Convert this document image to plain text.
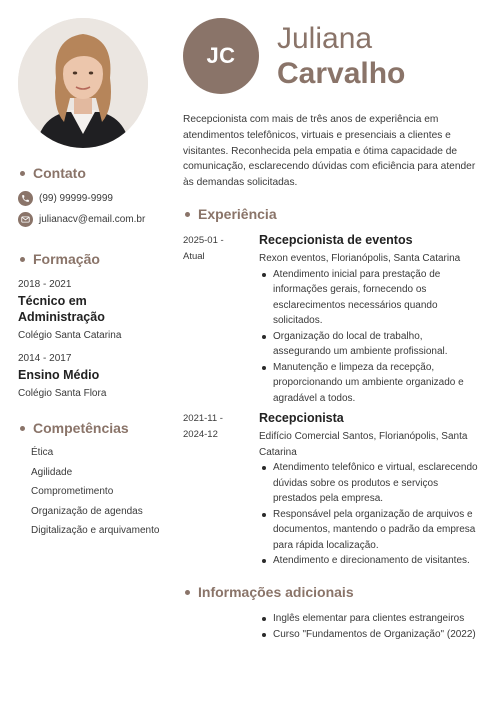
JC
Juliana
Carvalho

Recepcionista com mais de três anos de experiência em atendimentos telefônicos, virtuais e presenciais a clientes e visitantes. Reconhecida pela empatia e ótima capacidade de comunicação, esclarecendo dúvidas com eficiência para atender às demandas solicitadas.

Contato
(99) 99999-9999
julianacv@email.com.br
Formação
2018 - 2021
Técnico em Administração
Colégio Santa Catarina
2014 - 2017
Ensino Médio
Colégio Santa Flora
Competências
Ética
Agilidade
Comprometimento
Organização de agendas
Digitalização e arquivamento
Experiência
2025-01 - Atual
Recepcionista de eventos
Rexon eventos, Florianópolis, Santa Catarina
Atendimento inicial para prestação de informações gerais, fornecendo os esclarecimentos necessários quando solicitados.
Organização do local de trabalho, assegurando um ambiente profissional.
Manutenção e limpeza da recepção, proporcionando um ambiente organizado e agradável a todos.
2021-11 - 2024-12
Recepcionista
Edifício Comercial Santos, Florianópolis, Santa Catarina
Atendimento telefônico e virtual, esclarecendo dúvidas sobre os produtos e serviços prestados pela empresa.
Responsável pela organização de arquivos e documentos, mantendo o padrão da empresa para rápida localização.
Atendimento e direcionamento de visitantes.
Informações adicionais
Inglês elementar para clientes estrangeiros
Curso "Fundamentos de Organização" (2022)
